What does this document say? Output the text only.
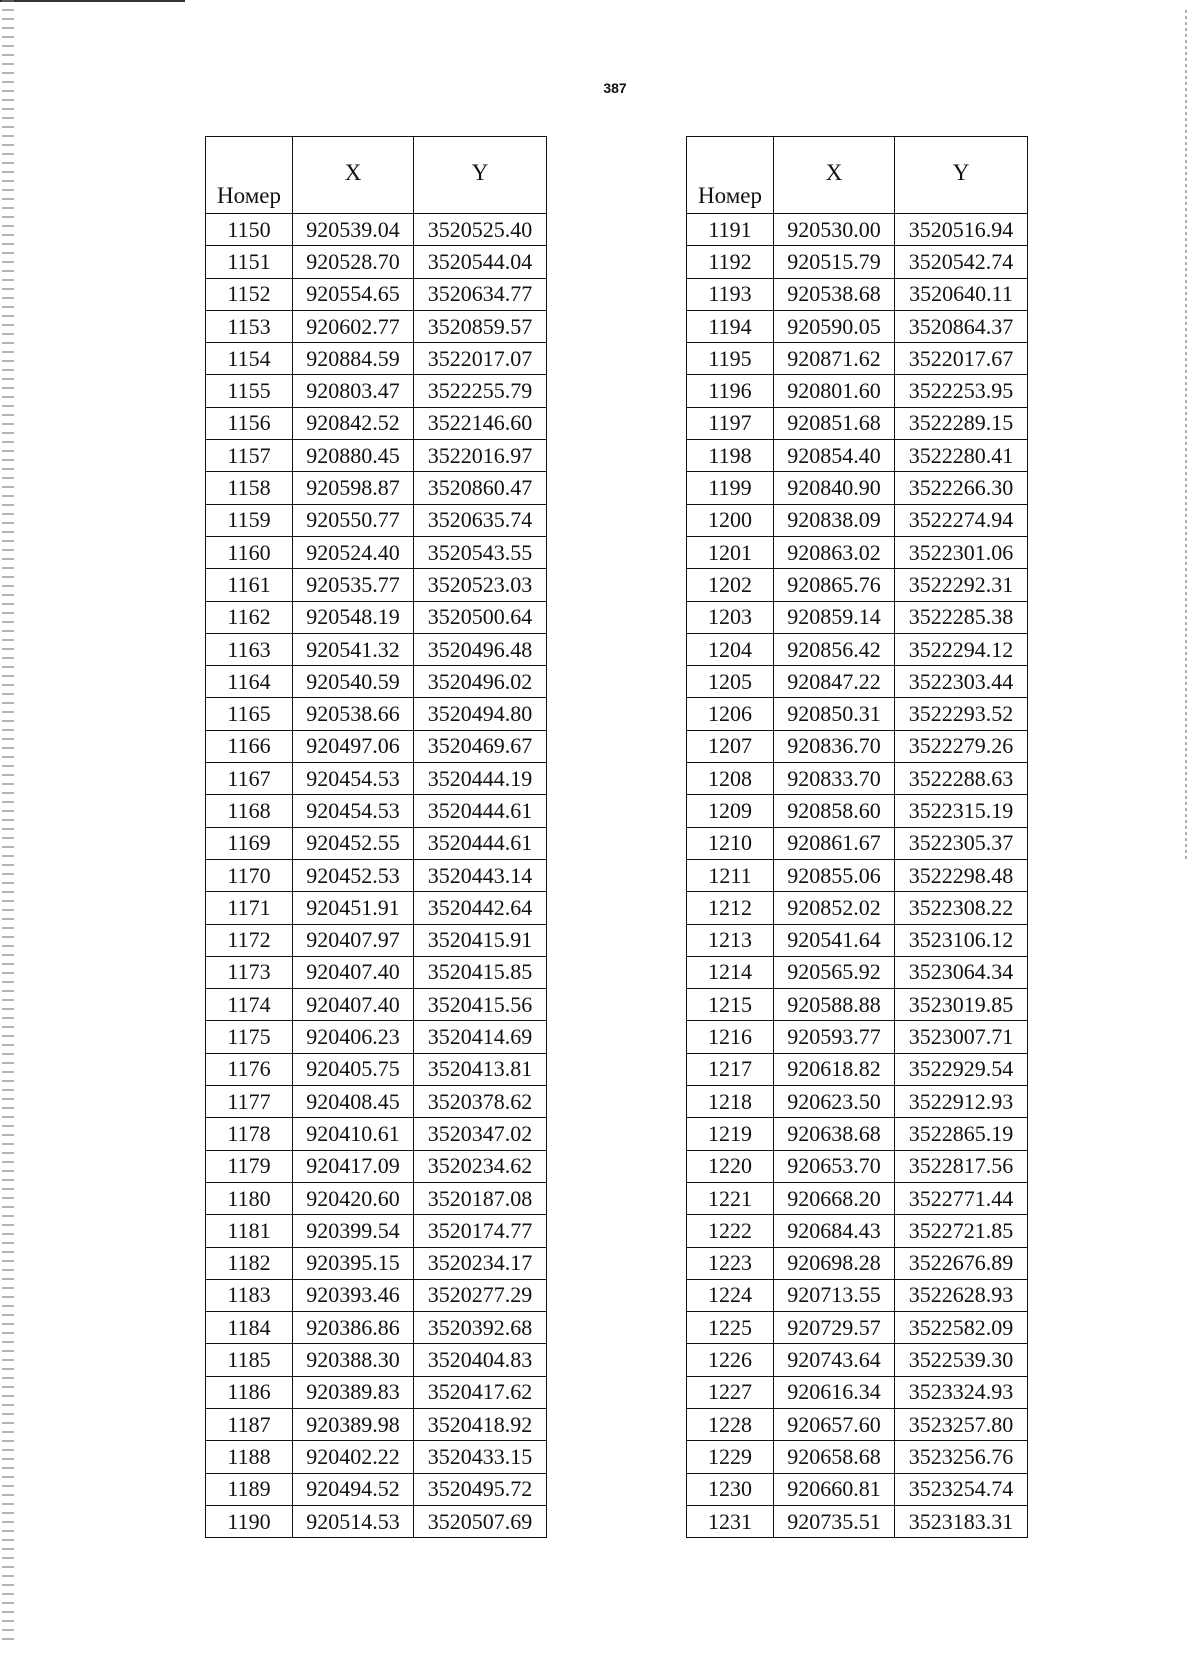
387
Номер	X	Y
1150	920539.04	3520525.40
1151	920528.70	3520544.04
1152	920554.65	3520634.77
1153	920602.77	3520859.57
1154	920884.59	3522017.07
1155	920803.47	3522255.79
1156	920842.52	3522146.60
1157	920880.45	3522016.97
1158	920598.87	3520860.47
1159	920550.77	3520635.74
1160	920524.40	3520543.55
1161	920535.77	3520523.03
1162	920548.19	3520500.64
1163	920541.32	3520496.48
1164	920540.59	3520496.02
1165	920538.66	3520494.80
1166	920497.06	3520469.67
1167	920454.53	3520444.19
1168	920454.53	3520444.61
1169	920452.55	3520444.61
1170	920452.53	3520443.14
1171	920451.91	3520442.64
1172	920407.97	3520415.91
1173	920407.40	3520415.85
1174	920407.40	3520415.56
1175	920406.23	3520414.69
1176	920405.75	3520413.81
1177	920408.45	3520378.62
1178	920410.61	3520347.02
1179	920417.09	3520234.62
1180	920420.60	3520187.08
1181	920399.54	3520174.77
1182	920395.15	3520234.17
1183	920393.46	3520277.29
1184	920386.86	3520392.68
1185	920388.30	3520404.83
1186	920389.83	3520417.62
1187	920389.98	3520418.92
1188	920402.22	3520433.15
1189	920494.52	3520495.72
1190	920514.53	3520507.69
Номер	X	Y
1191	920530.00	3520516.94
1192	920515.79	3520542.74
1193	920538.68	3520640.11
1194	920590.05	3520864.37
1195	920871.62	3522017.67
1196	920801.60	3522253.95
1197	920851.68	3522289.15
1198	920854.40	3522280.41
1199	920840.90	3522266.30
1200	920838.09	3522274.94
1201	920863.02	3522301.06
1202	920865.76	3522292.31
1203	920859.14	3522285.38
1204	920856.42	3522294.12
1205	920847.22	3522303.44
1206	920850.31	3522293.52
1207	920836.70	3522279.26
1208	920833.70	3522288.63
1209	920858.60	3522315.19
1210	920861.67	3522305.37
1211	920855.06	3522298.48
1212	920852.02	3522308.22
1213	920541.64	3523106.12
1214	920565.92	3523064.34
1215	920588.88	3523019.85
1216	920593.77	3523007.71
1217	920618.82	3522929.54
1218	920623.50	3522912.93
1219	920638.68	3522865.19
1220	920653.70	3522817.56
1221	920668.20	3522771.44
1222	920684.43	3522721.85
1223	920698.28	3522676.89
1224	920713.55	3522628.93
1225	920729.57	3522582.09
1226	920743.64	3522539.30
1227	920616.34	3523324.93
1228	920657.60	3523257.80
1229	920658.68	3523256.76
1230	920660.81	3523254.74
1231	920735.51	3523183.31
